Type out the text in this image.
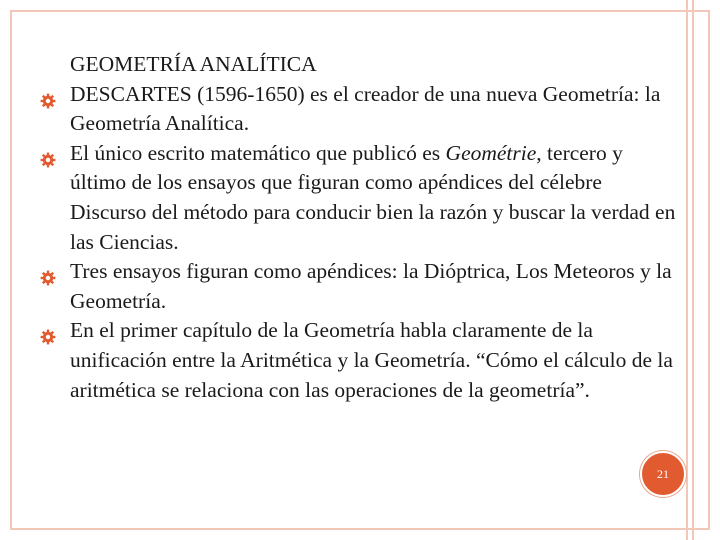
GEOMETRÍA ANALÍTICA
DESCARTES (1596-1650) es el creador de una nueva Geometría: la Geometría Analítica.
El único escrito matemático que publicó es Geométrie, tercero y último de los ensayos que figuran como apéndices del célebre Discurso del método para conducir bien la razón y buscar la verdad en las Ciencias.
Tres ensayos figuran como apéndices: la Dióptrica, Los Meteoros y la Geometría.
En el primer capítulo de la Geometría habla claramente de la unificación entre la Aritmética y la Geometría. “Cómo el cálculo de la aritmética se relaciona con las operaciones de la geometría”.
21
